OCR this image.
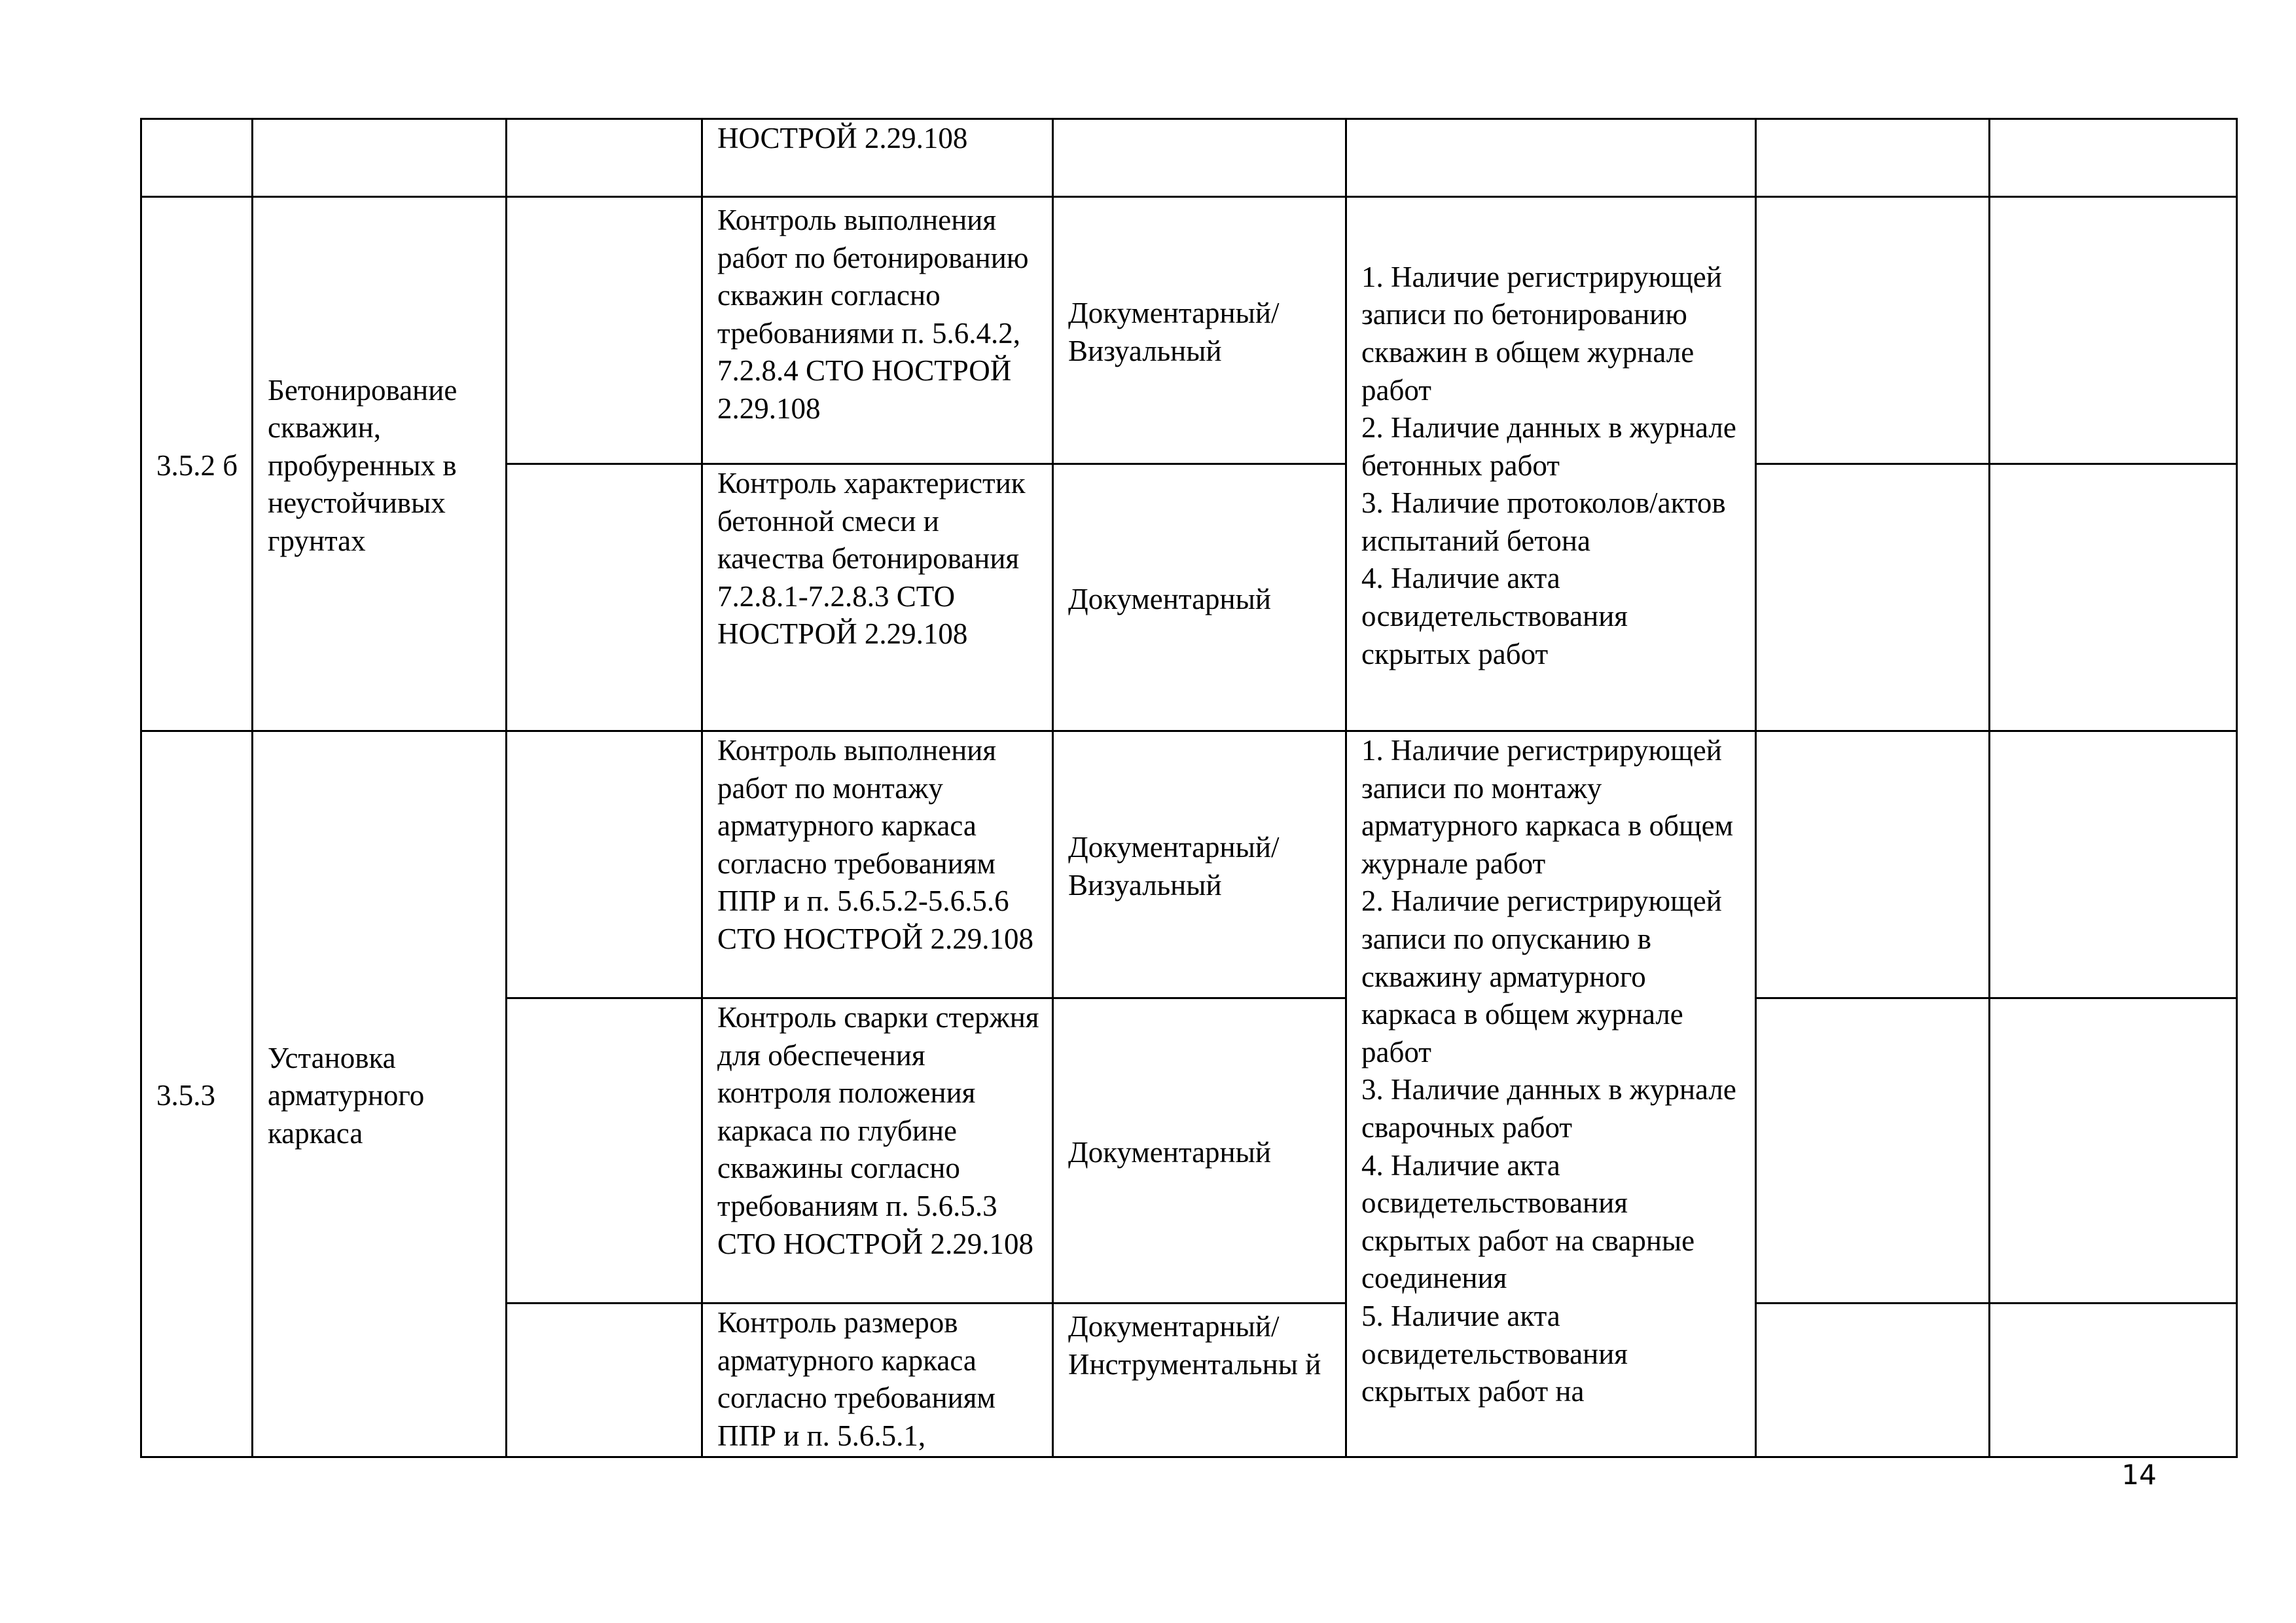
			НОСТРОЙ 2.29.108				
3.5.2 б	Бетонирование скважин, пробуренных в неустойчивых грунтах		Контроль выполнения работ по бетонированию скважин согласно требованиями п. 5.6.4.2, 7.2.8.4 СТО НОСТРОЙ 2.29.108	Документарный/ Визуальный	1. Наличие регистрирующей записи по бетонированию скважин в общем журнале работ
2. Наличие данных в журнале бетонных работ
3. Наличие протоколов/актов испытаний бетона
4. Наличие акта освидетельствования скрытых работ		

			Контроль характеристик бетонной смеси и качества бетонирования 7.2.8.1-7.2.8.3 СТО НОСТРОЙ 2.29.108	Документарный			
3.5.3	Установка арматурного каркаса		Контроль выполнения работ по монтажу арматурного каркаса согласно требованиям ППР и п. 5.6.5.2-5.6.5.6 СТО НОСТРОЙ 2.29.108	Документарный/ Визуальный	1. Наличие регистрирующей записи по монтажу арматурного каркаса в общем журнале работ
2. Наличие регистрирующей записи по опусканию в скважину арматурного каркаса в общем журнале работ
3. Наличие данных в журнале сварочных работ
4. Наличие акта освидетельствования скрытых работ на сварные соединения
5. Наличие акта освидетельствования скрытых работ на		

			Контроль сварки стержня для обеспечения контроля положения каркаса по глубине скважины согласно требованиям п. 5.6.5.3 СТО НОСТРОЙ 2.29.108	Документарный			
			Контроль размеров арматурного каркаса согласно требованиям ППР и п. 5.6.5.1,	Документарный/ Инструментальны й			
14
